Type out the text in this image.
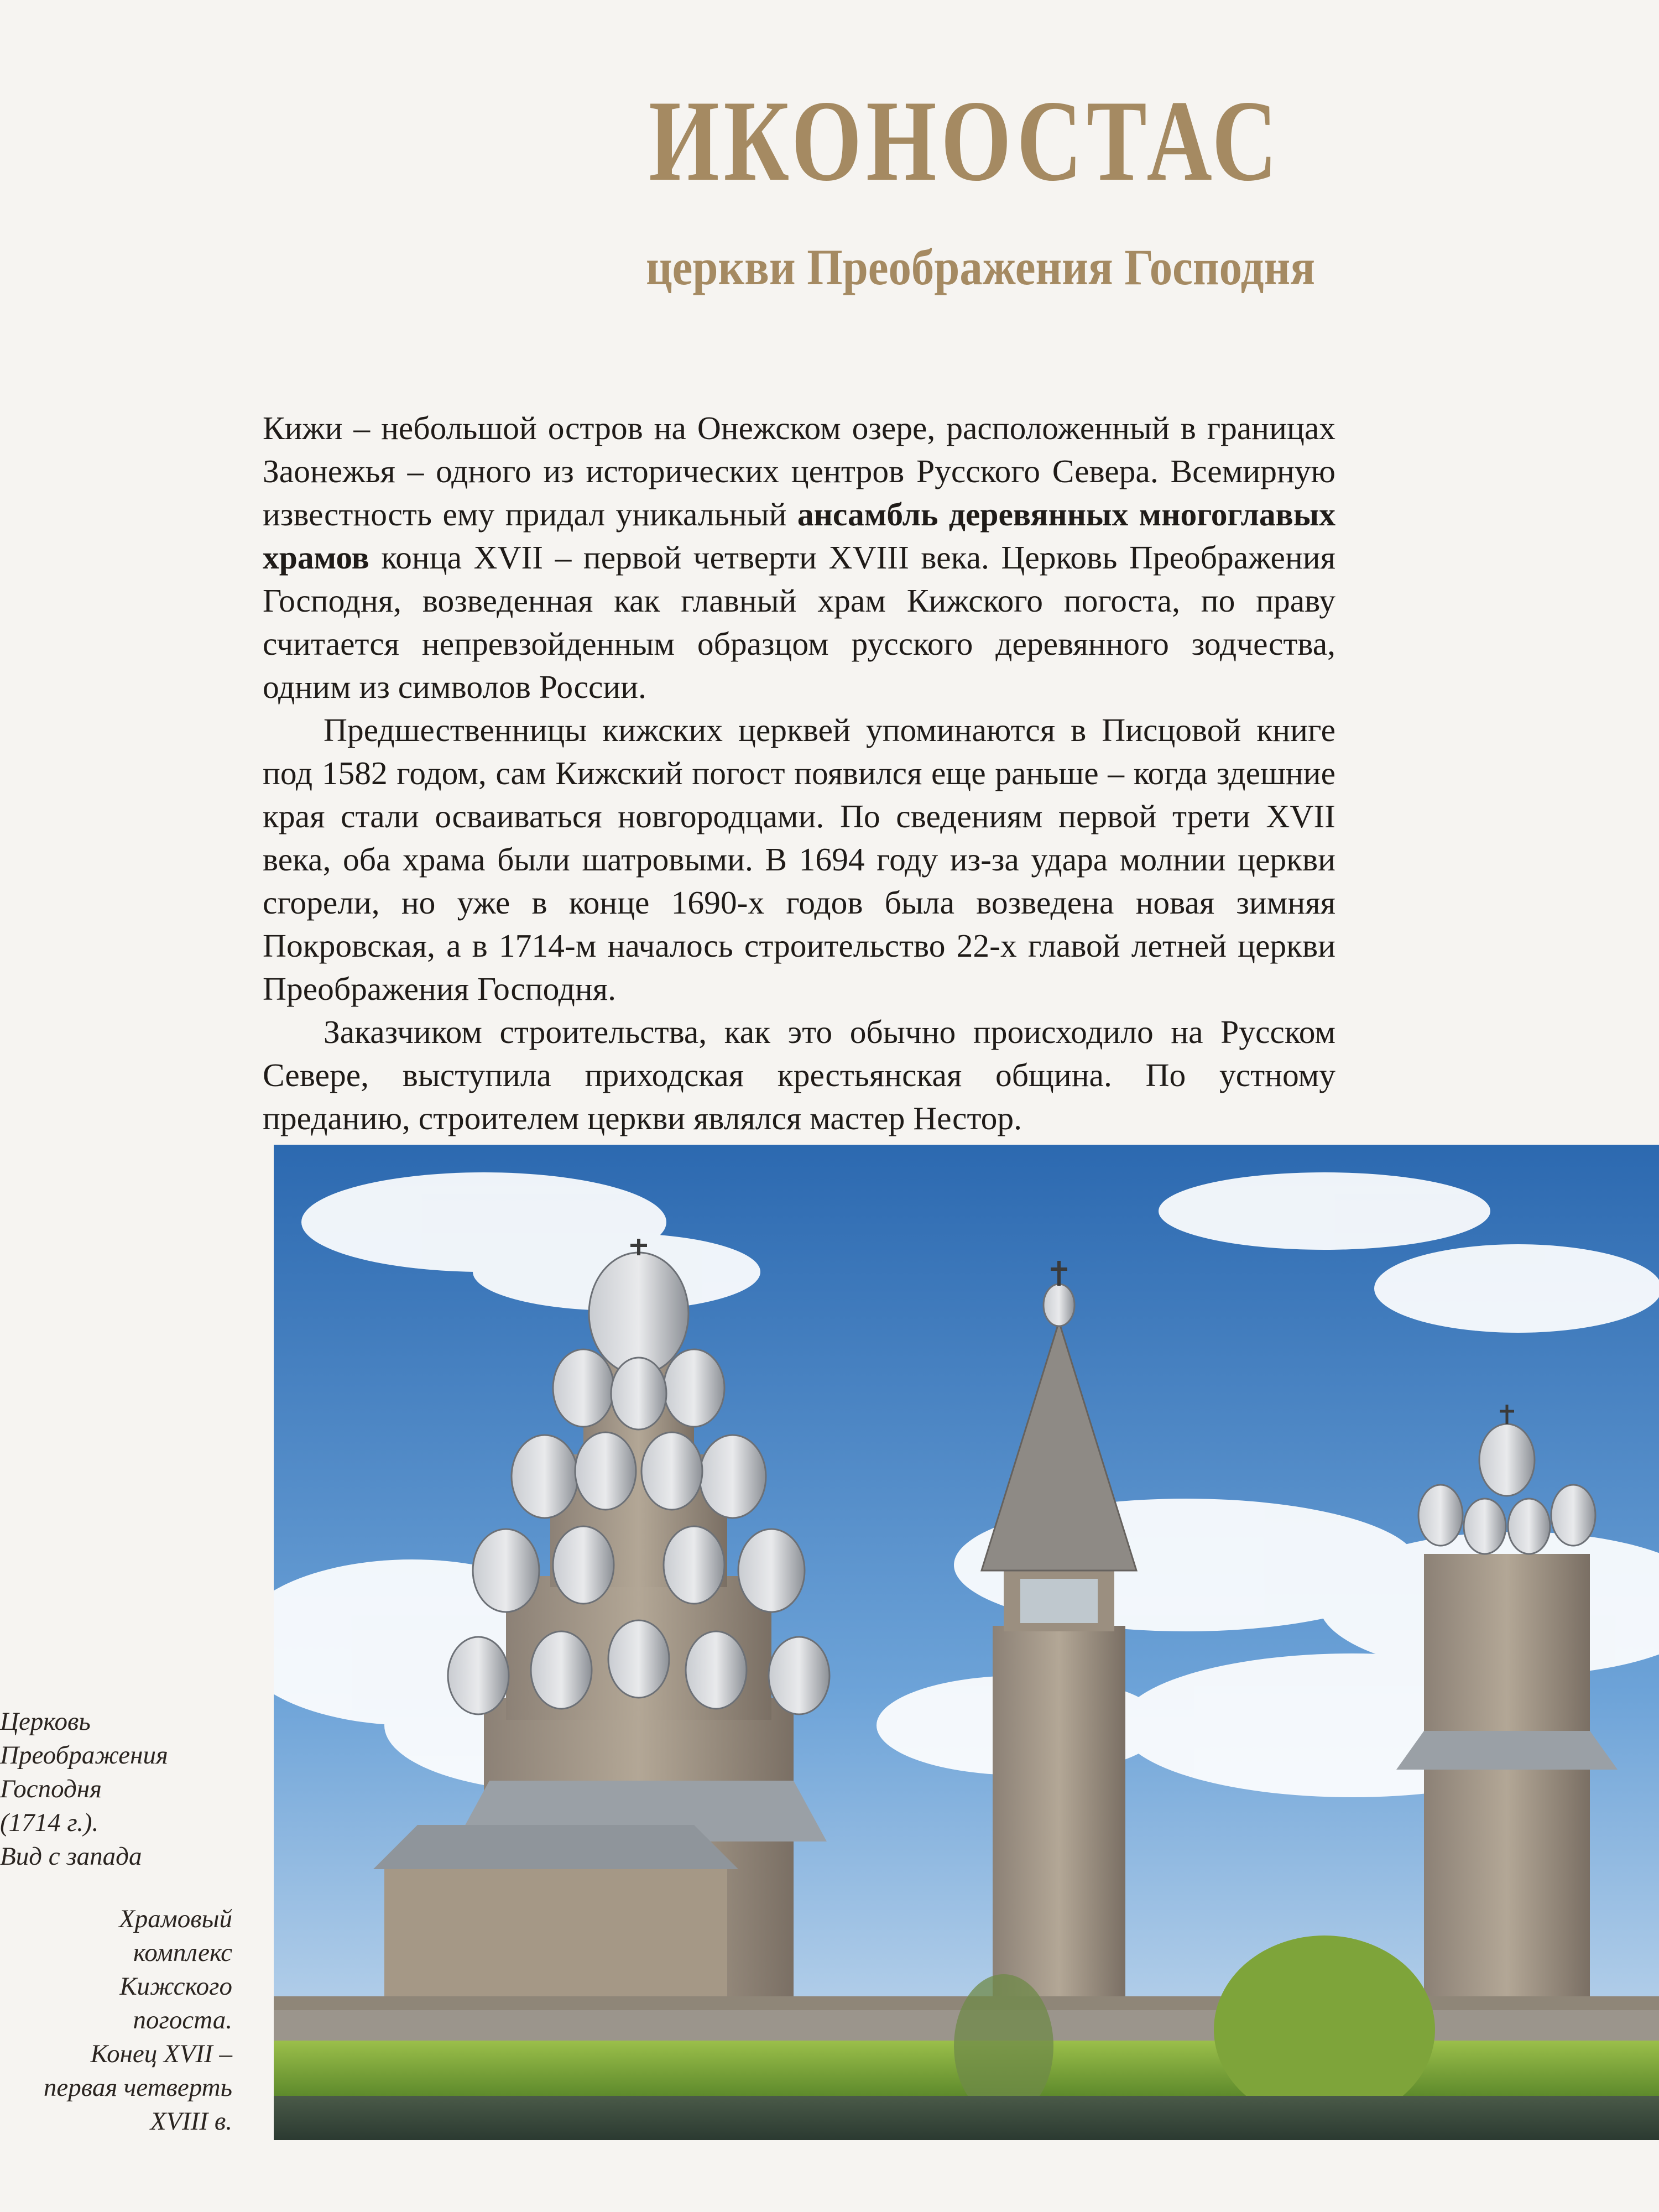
ИКОНОСТАС
церкви Преображения Господня

Кижи – небольшой остров на Онежском озере, расположенный в границах Заонежья – одного из исторических центров Русского Севера. Всемирную известность ему придал уникальный ансамбль деревянных многоглавых храмов конца XVII – первой четверти XVIII века. Церковь Преображения Господня, возведенная как главный храм Кижского погоста, по праву считается непревзойденным образцом русского деревянного зодчества, одним из символов России.

Предшественницы кижских церквей упоминаются в Писцовой книге под 1582 годом, сам Кижский погост появился еще раньше – когда здешние края стали осваиваться новгородцами. По сведениям первой трети XVII века, оба храма были шатровыми. В 1694 году из-за удара молнии церкви сгорели, но уже в конце 1690-х годов была возведена новая зимняя Покровская, а в 1714-м началось строительство 22-х главой летней церкви Преображения Господня.

Заказчиком строительства, как это обычно происходило на Русском Севере, выступила приходская крестьянская община. По устному преданию, строителем церкви являлся мастер Нестор.

Церковь
Преображения
Господня
(1714 г.).
Вид с запада
Храмовый
комплекс
Кижского
погоста.
Конец XVII –
первая четверть
XVIII в.
